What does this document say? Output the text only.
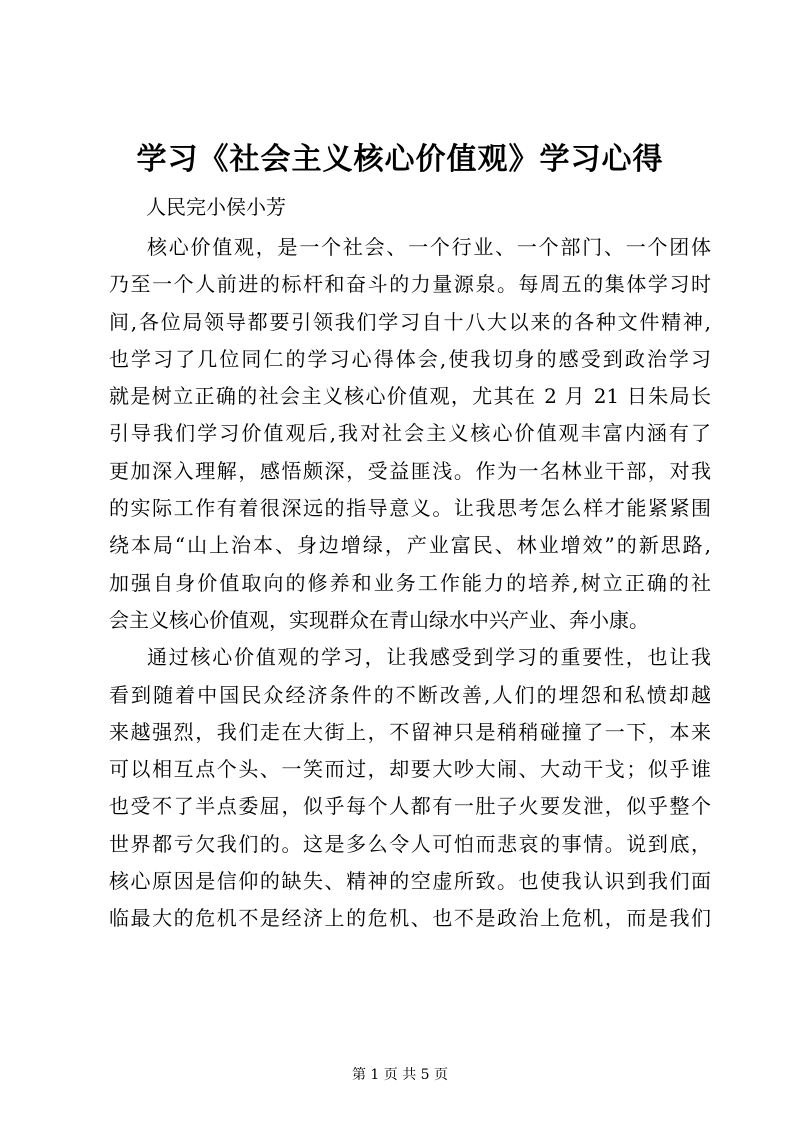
学习《社会主义核心价值观》学习心得

人民完小侯小芳

核心价值观，是一个社会、一个行业、一个部门、一个团体
乃至一个人前进的标杆和奋斗的力量源泉。每周五的集体学习时
间,各位局领导都要引领我们学习自十八大以来的各种文件精神,
也学习了几位同仁的学习心得体会,使我切身的感受到政治学习
就是树立正确的社会主义核心价值观，尤其在 2 月 21 日朱局长
引导我们学习价值观后,我对社会主义核心价值观丰富内涵有了
更加深入理解，感悟颇深，受益匪浅。作为一名林业干部，对我
的实际工作有着很深远的指导意义。让我思考怎么样才能紧紧围
绕本局“山上治本、身边增绿，产业富民、林业增效”的新思路,
加强自身价值取向的修养和业务工作能力的培养,树立正确的社
会主义核心价值观，实现群众在青山绿水中兴产业、奔小康。

通过核心价值观的学习，让我感受到学习的重要性，也让我
看到随着中国民众经济条件的不断改善,人们的埋怨和私愤却越
来越强烈，我们走在大街上，不留神只是稍稍碰撞了一下，本来
可以相互点个头、一笑而过，却要大吵大闹、大动干戈；似乎谁
也受不了半点委屈，似乎每个人都有一肚子火要发泄，似乎整个
世界都亏欠我们的。这是多么令人可怕而悲哀的事情。说到底，
核心原因是信仰的缺失、精神的空虚所致。也使我认识到我们面
临最大的危机不是经济上的危机、也不是政治上危机，而是我们

第 1 页 共 5 页
